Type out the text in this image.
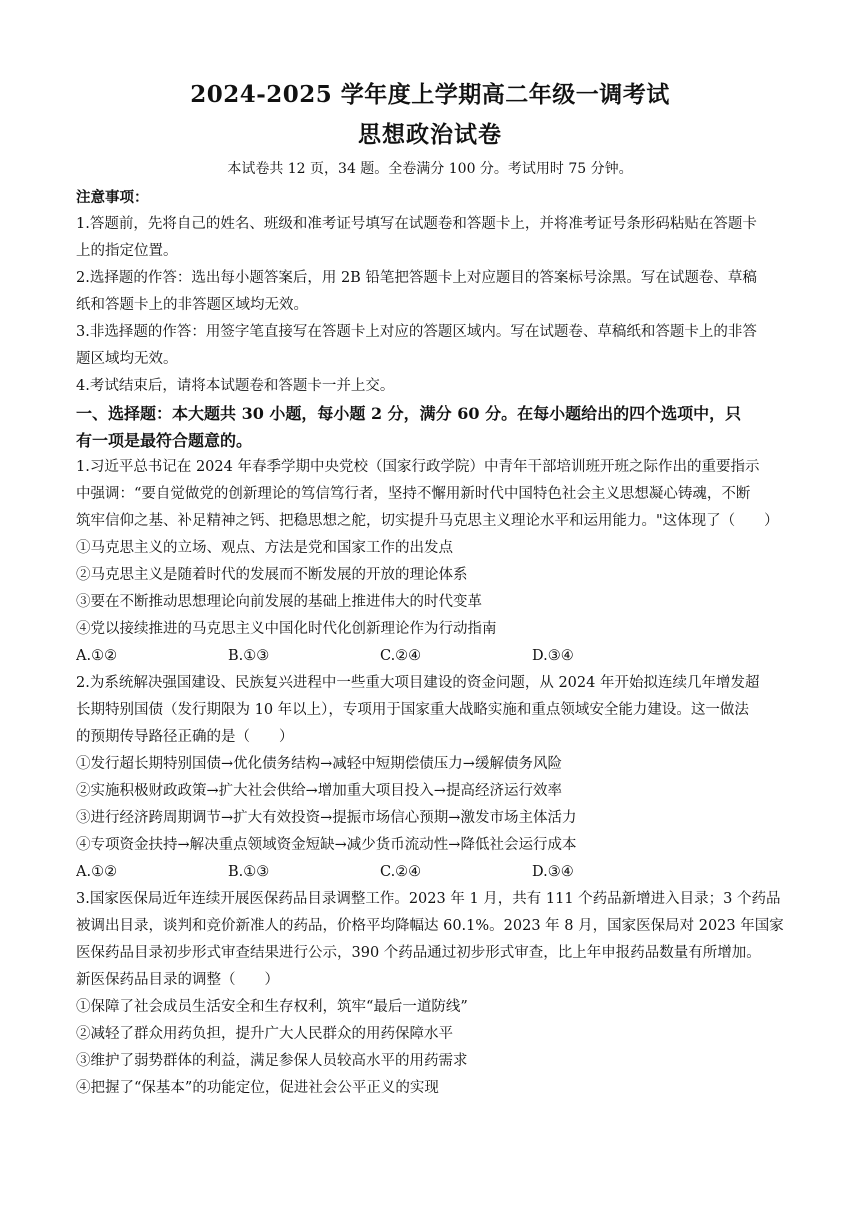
2024-2025 学年度上学期高二年级一调考试
思想政治试卷
本试卷共 12 页，34 题。全卷满分 100 分。考试用时 75 分钟。
注意事项：
1.答题前，先将自己的姓名、班级和准考证号填写在试题卷和答题卡上，并将准考证号条形码粘贴在答题卡
上的指定位置。
2.选择题的作答：选出每小题答案后，用 2B 铅笔把答题卡上对应题目的答案标号涂黑。写在试题卷、草稿
纸和答题卡上的非答题区域均无效。
3.非选择题的作答：用签字笔直接写在答题卡上对应的答题区域内。写在试题卷、草稿纸和答题卡上的非答
题区域均无效。
4.考试结束后，请将本试题卷和答题卡一并上交。
一、选择题：本大题共 30 小题，每小题 2 分，满分 60 分。在每小题给出的四个选项中，只
有一项是最符合题意的。
1.习近平总书记在 2024 年春季学期中央党校（国家行政学院）中青年干部培训班开班之际作出的重要指示
中强调：“要自觉做党的创新理论的笃信笃行者，坚持不懈用新时代中国特色社会主义思想凝心铸魂，不断
筑牢信仰之基、补足精神之钙、把稳思想之舵，切实提升马克思主义理论水平和运用能力。"这体现了（　　）
①马克思主义的立场、观点、方法是党和国家工作的出发点
②马克思主义是随着时代的发展而不断发展的开放的理论体系
③要在不断推动思想理论向前发展的基础上推进伟大的时代变革
④党以接续推进的马克思主义中国化时代化创新理论作为行动指南
A.①②	B.①③	C.②④	D.③④
2.为系统解决强国建设、民族复兴进程中一些重大项目建设的资金问题，从 2024 年开始拟连续几年增发超
长期特别国债（发行期限为 10 年以上），专项用于国家重大战略实施和重点领域安全能力建设。这一做法
的预期传导路径正确的是（　　）
①发行超长期特别国债→优化债务结构→减轻中短期偿债压力→缓解债务风险
②实施积极财政政策→扩大社会供给→增加重大项目投入→提高经济运行效率
③进行经济跨周期调节→扩大有效投资→提振市场信心预期→激发市场主体活力
④专项资金扶持→解决重点领域资金短缺→减少货币流动性→降低社会运行成本
A.①②	B.①③	C.②④	D.③④
3.国家医保局近年连续开展医保药品目录调整工作。2023 年 1 月，共有 111 个药品新增进入目录；3 个药品
被调出目录，谈判和竞价新准人的药品，价格平均降幅达 60.1%。2023 年 8 月，国家医保局对 2023 年国家
医保药品目录初步形式审查结果进行公示，390 个药品通过初步形式审查，比上年申报药品数量有所增加。
新医保药品目录的调整（　　）
①保障了社会成员生活安全和生存权利，筑牢“最后一道防线”
②减轻了群众用药负担，提升广大人民群众的用药保障水平
③维护了弱势群体的利益，满足参保人员较高水平的用药需求
④把握了“保基本”的功能定位，促进社会公平正义的实现
